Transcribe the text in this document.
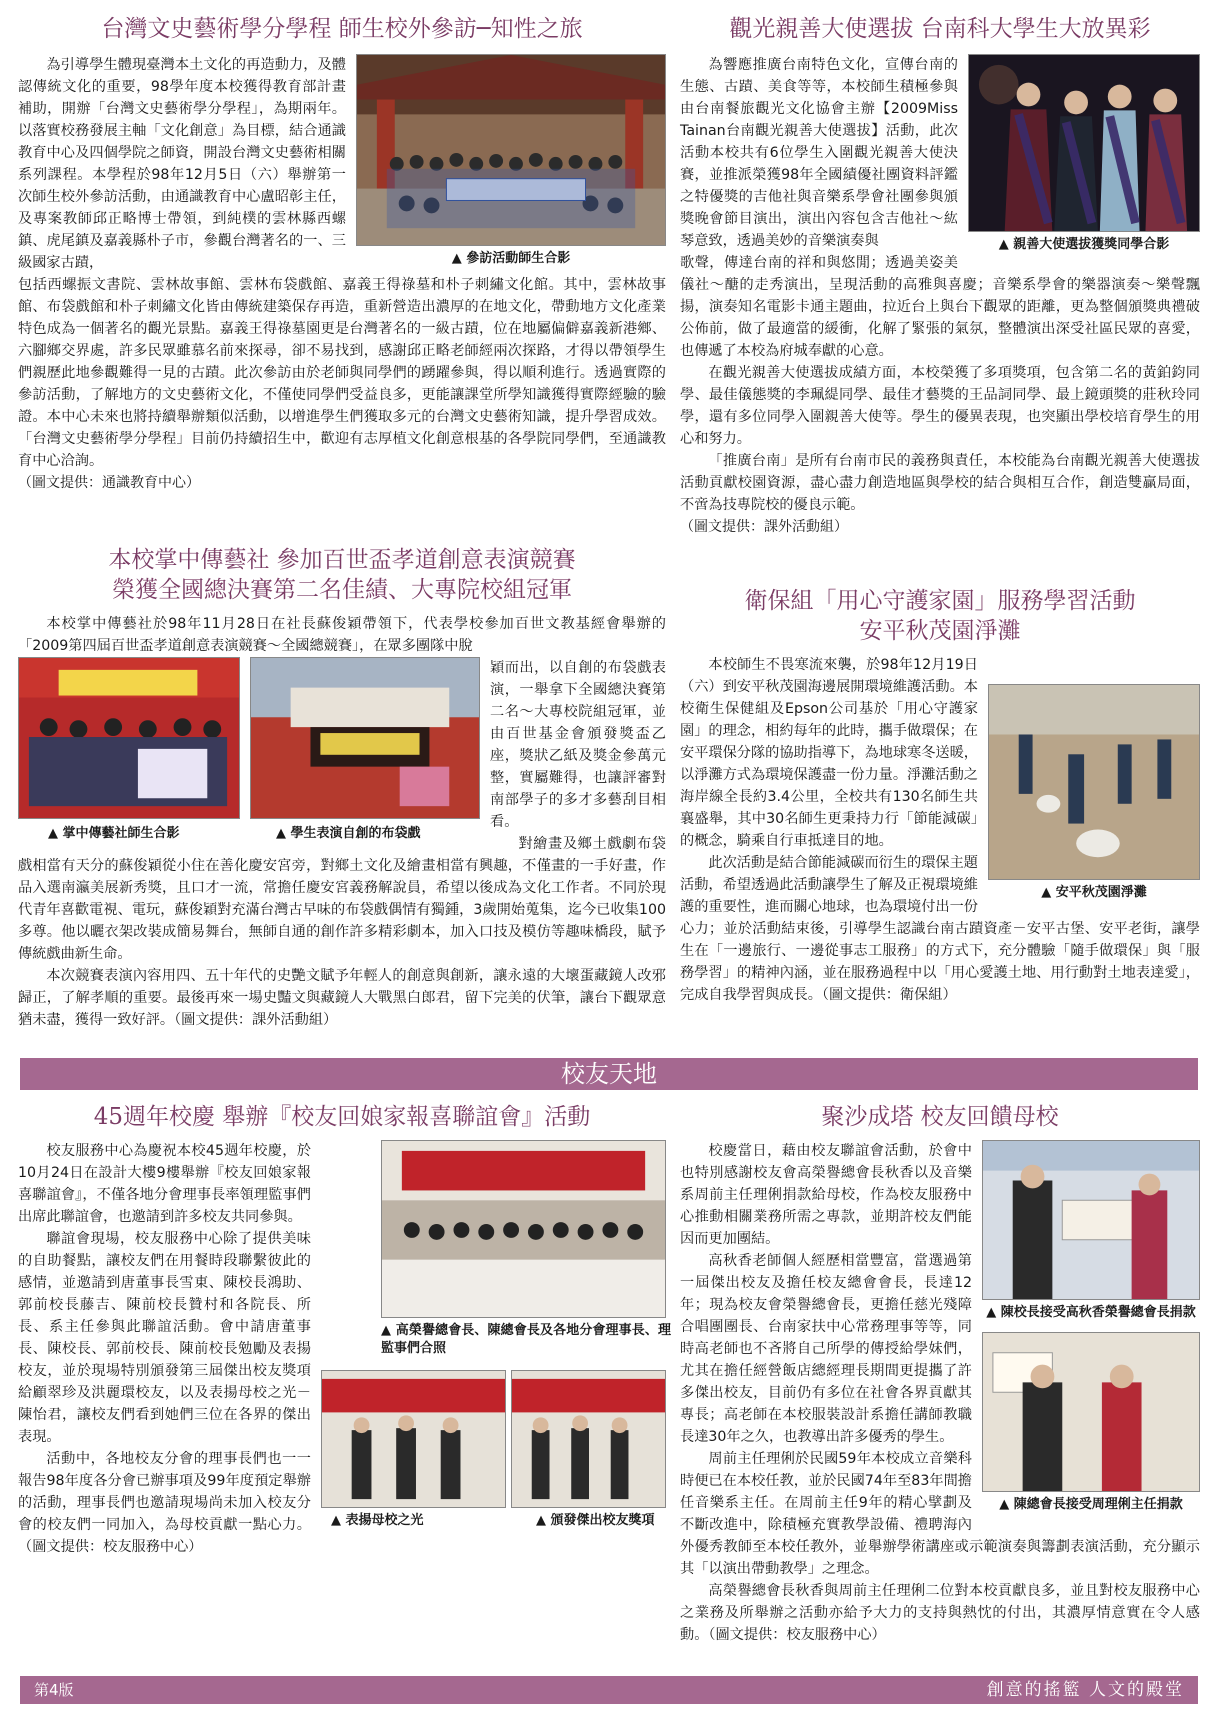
台灣文史藝術學分學程 師生校外參訪─知性之旅
▲ 參訪活動師生合影

為引導學生體現臺灣本土文化的再造動力，及體認傳統文化的重要，98學年度本校獲得教育部計畫補助，開辦「台灣文史藝術學分學程」，為期兩年。以落實校務發展主軸「文化創意」為目標，結合通識教育中心及四個學院之師資，開設台灣文史藝術相關系列課程。本學程於98年12月5日（六）舉辦第一次師生校外參訪活動，由通識教育中心盧昭彰主任，及專案教師邱正略博士帶領，到純樸的雲林縣西螺鎮、虎尾鎮及嘉義縣朴子市，參觀台灣著名的一、三級國家古蹟，

包括西螺振文書院、雲林故事館、雲林布袋戲館、嘉義王得祿墓和朴子刺繡文化館。其中，雲林故事館、布袋戲館和朴子刺繡文化皆由傳統建築保存再造，重新營造出濃厚的在地文化，帶動地方文化產業特色成為一個著名的觀光景點。嘉義王得祿墓園更是台灣著名的一級古蹟，位在地屬偏僻嘉義新港鄉、六腳鄉交界處，許多民眾雖慕名前來探尋，卻不易找到，感謝邱正略老師經兩次探路，才得以帶領學生們親歷此地參觀難得一見的古蹟。此次參訪由於老師與同學們的踴躍參與，得以順利進行。透過實際的參訪活動，了解地方的文史藝術文化，不僅使同學們受益良多，更能讓課堂所學知識獲得實際經驗的驗證。本中心未來也將持續舉辦類似活動，以增進學生們獲取多元的台灣文史藝術知識，提升學習成效。「台灣文史藝術學分學程」目前仍持續招生中，歡迎有志厚植文化創意根基的各學院同學們，至通識教育中心洽詢。

（圖文提供：通識教育中心）
觀光親善大使選拔 台南科大學生大放異彩
▲ 親善大使選拔獲獎同學合影

為響應推廣台南特色文化，宣傳台南的生態、古蹟、美食等等，本校師生積極參與由台南餐旅觀光文化協會主辦【2009Miss Tainan台南觀光親善大使選拔】活動，此次活動本校共有6位學生入圍觀光親善大使決賽，並推派榮獲98年全國績優社團資料評鑑之特優獎的吉他社與音樂系學會社團參與頒獎晚會節目演出，演出內容包含吉他社～紘琴意致，透過美妙的音樂演奏與

歌聲，傳達台南的祥和與悠閒；透過美姿美儀社～醣的走秀演出，呈現活動的高雅與喜慶；音樂系學會的樂器演奏～樂聲飄揚，演奏知名電影卡通主題曲，拉近台上與台下觀眾的距離，更為整個頒獎典禮破公佈前，做了最適當的緩衝，化解了緊張的氣氛，整體演出深受社區民眾的喜愛，也傳遞了本校為府城奉獻的心意。

在觀光親善大使選拔成績方面，本校榮獲了多項獎項，包含第二名的黃鉑鈞同學、最佳儀態獎的李珮緹同學、最佳才藝獎的王品詞同學、最上鏡頭獎的莊秋玲同學，還有多位同學入圍親善大使等。學生的優異表現，也突顯出學校培育學生的用心和努力。

「推廣台南」是所有台南市民的義務與責任，本校能為台南觀光親善大使選拔活動貢獻校園資源，盡心盡力創造地區與學校的結合與相互合作，創造雙贏局面，不啻為技專院校的優良示範。

（圖文提供：課外活動組）
本校掌中傳藝社 參加百世盃孝道創意表演競賽
榮獲全國總決賽第二名佳績、大專院校組冠軍

本校掌中傳藝社於98年11月28日在社長蘇俊穎帶領下，代表學校參加百世文教基經會舉辦的「2009第四屆百世盃孝道創意表演競賽～全國總競賽」，在眾多團隊中脫

▲ 掌中傳藝社師生合影	▲ 學生表演自創的布袋戲

穎而出，以自創的布袋戲表演，一舉拿下全國總決賽第二名～大專校院組冠軍，並由百世基金會頒發獎盃乙座，獎狀乙紙及獎金參萬元整，實屬難得，也讓評審對南部學子的多才多藝刮目相看。

對繪畫及鄉土戲劇布袋戲相當有天分的蘇俊穎從小住在善化慶安宮旁，對鄉土文化及繪畫相當有興趣，不僅畫的一手好畫，作品入選南瀛美展新秀獎，且口才一流，常擔任慶安宮義務解說員，希望以後成為文化工作者。不同於現代青年喜歡電視、電玩，蘇俊穎對充滿台灣古早味的布袋戲偶情有獨鍾，3歲開始蒐集，迄今已收集100多尊。他以曬衣架改裝成簡易舞台，無師自通的創作許多精彩劇本，加入口技及模仿等趣味橋段，賦予傳統戲曲新生命。

本次競賽表演內容用四、五十年代的史艷文賦予年輕人的創意與創新，讓永遠的大壞蛋藏鏡人改邪歸正，了解孝順的重要。最後再來一場史豔文與藏鏡人大戰黑白郎君，留下完美的伏筆，讓台下觀眾意猶未盡，獲得一致好評。（圖文提供：課外活動組）

衛保組「用心守護家園」服務學習活動
安平秋茂園淨灘
▲ 安平秋茂園淨灘

本校師生不畏寒流來襲，於98年12月19日（六）到安平秋茂園海邊展開環境維護活動。本校衛生保健組及Epson公司基於「用心守護家園」的理念，相約每年的此時，攜手做環保；在安平環保分隊的協助指導下，為地球寒冬送暖，以淨灘方式為環境保護盡一份力量。淨灘活動之海岸線全長約3.4公里，全校共有130名師生共襄盛舉，其中30名師生更秉持力行「節能減碳」的概念，騎乘自行車抵達目的地。

此次活動是結合節能減碳而衍生的環保主題活動，希望透過此活動讓學生了解及正視環境維護的重要性，進而關心地球，也為環境付出一份心力；並於活動結束後，引導學生認識台南古蹟資產－安平古堡、安平老街，讓學生在「一邊旅行、一邊從事志工服務」的方式下，充分體驗「隨手做環保」與「服務學習」的精神內涵，並在服務過程中以「用心愛護土地、用行動對土地表達愛」，完成自我學習與成長。（圖文提供：衛保組）

校友天地
45週年校慶 舉辦『校友回娘家報喜聯誼會』活動
▲ 高榮譽總會長、陳總會長及各地分會理事長、理監事們合照
▲ 表揚母校之光	▲ 頒發傑出校友獎項

校友服務中心為慶祝本校45週年校慶，於10月24日在設計大樓9樓舉辦『校友回娘家報喜聯誼會』，不僅各地分會理事長率領理監事們出席此聯誼會，也邀請到許多校友共同參與。

聯誼會現場，校友服務中心除了提供美味的自助餐點，讓校友們在用餐時段聯繫彼此的感情，並邀請到唐董事長雪東、陳校長鴻助、郭前校長藤吉、陳前校長贊村和各院長、所長、系主任參與此聯誼活動。會中請唐董事長、陳校長、郭前校長、陳前校長勉勵及表揚校友，並於現場特別頒發第三屆傑出校友獎項給顧翠珍及洪麗環校友，以及表揚母校之光－陳怡君，讓校友們看到她們三位在各界的傑出表現。

活動中，各地校友分會的理事長們也一一報告98年度各分會已辦事項及99年度預定舉辦的活動，理事長們也邀請現場尚未加入校友分會的校友們一同加入，為母校貢獻一點心力。（圖文提供：校友服務中心）

聚沙成塔 校友回饋母校
▲ 陳校長接受高秋香榮譽總會長捐款
▲ 陳總會長接受周理俐主任捐款

校慶當日，藉由校友聯誼會活動，於會中也特別感謝校友會高榮譽總會長秋香以及音樂系周前主任理俐捐款給母校，作為校友服務中心推動相關業務所需之專款，並期許校友們能因而更加團結。

高秋香老師個人經歷相當豐富，當選過第一屆傑出校友及擔任校友總會會長，長達12年；現為校友會榮譽總會長，更擔任慈光殘障合唱團團長、台南家扶中心常務理事等等，同時高老師也不吝將自己所學的傳授給學妹們，尤其在擔任經營飯店總經理長期間更提攜了許多傑出校友，目前仍有多位在社會各界貢獻其專長；高老師在本校服裝設計系擔任講師教職長達30年之久，也教導出許多優秀的學生。

周前主任理俐於民國59年本校成立音樂科時便已在本校任教，並於民國74年至83年間擔任音樂系主任。在周前主任9年的精心擘劃及不斷改進中，除積極充實教學設備、禮聘海內外優秀教師至本校任教外，並舉辦學術講座或示範演奏與籌劃表演活動，充分顯示其「以演出帶動教學」之理念。

高榮譽總會長秋香與周前主任理俐二位對本校貢獻良多，並且對校友服務中心之業務及所舉辦之活動亦給予大力的支持與熱忱的付出，其濃厚情意實在令人感動。（圖文提供：校友服務中心）

第4版	創意的搖籃 人文的殿堂
